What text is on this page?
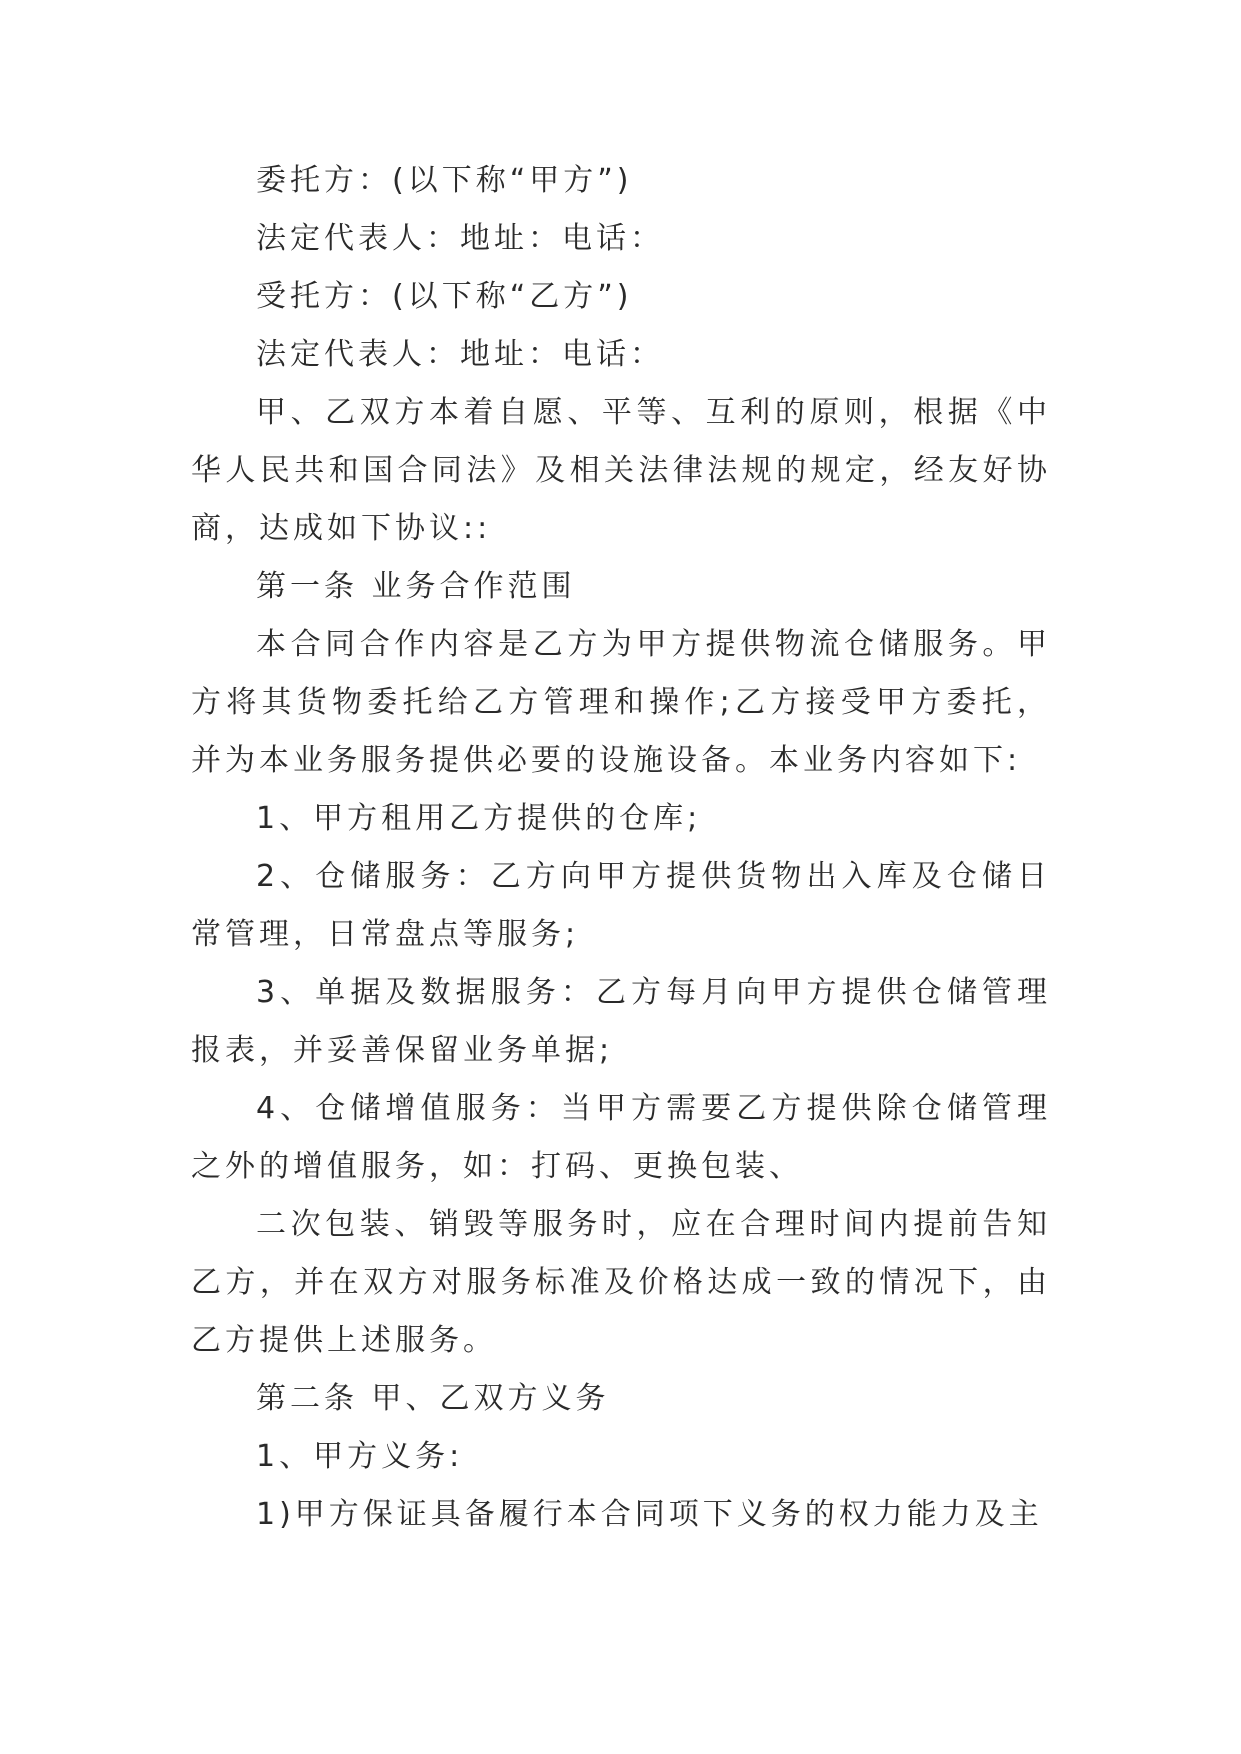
委托方：(以下称“甲方”)

法定代表人：地址：电话：

受托方：(以下称“乙方”)

法定代表人：地址：电话：

甲、乙双方本着自愿、平等、互利的原则，根据《中华人民共和国合同法》及相关法律法规的规定，经友好协商，达成如下协议::

第一条 业务合作范围

本合同合作内容是乙方为甲方提供物流仓储服务。甲方将其货物委托给乙方管理和操作;乙方接受甲方委托，并为本业务服务提供必要的设施设备。本业务内容如下:

1、甲方租用乙方提供的仓库;

2、仓储服务：乙方向甲方提供货物出入库及仓储日常管理，日常盘点等服务;

3、单据及数据服务：乙方每月向甲方提供仓储管理报表，并妥善保留业务单据;

4、仓储增值服务：当甲方需要乙方提供除仓储管理之外的增值服务，如：打码、更换包装、

二次包装、销毁等服务时，应在合理时间内提前告知乙方，并在双方对服务标准及价格达成一致的情况下，由乙方提供上述服务。

第二条 甲、乙双方义务

1、甲方义务:

1)甲方保证具备履行本合同项下义务的权力能力及主
